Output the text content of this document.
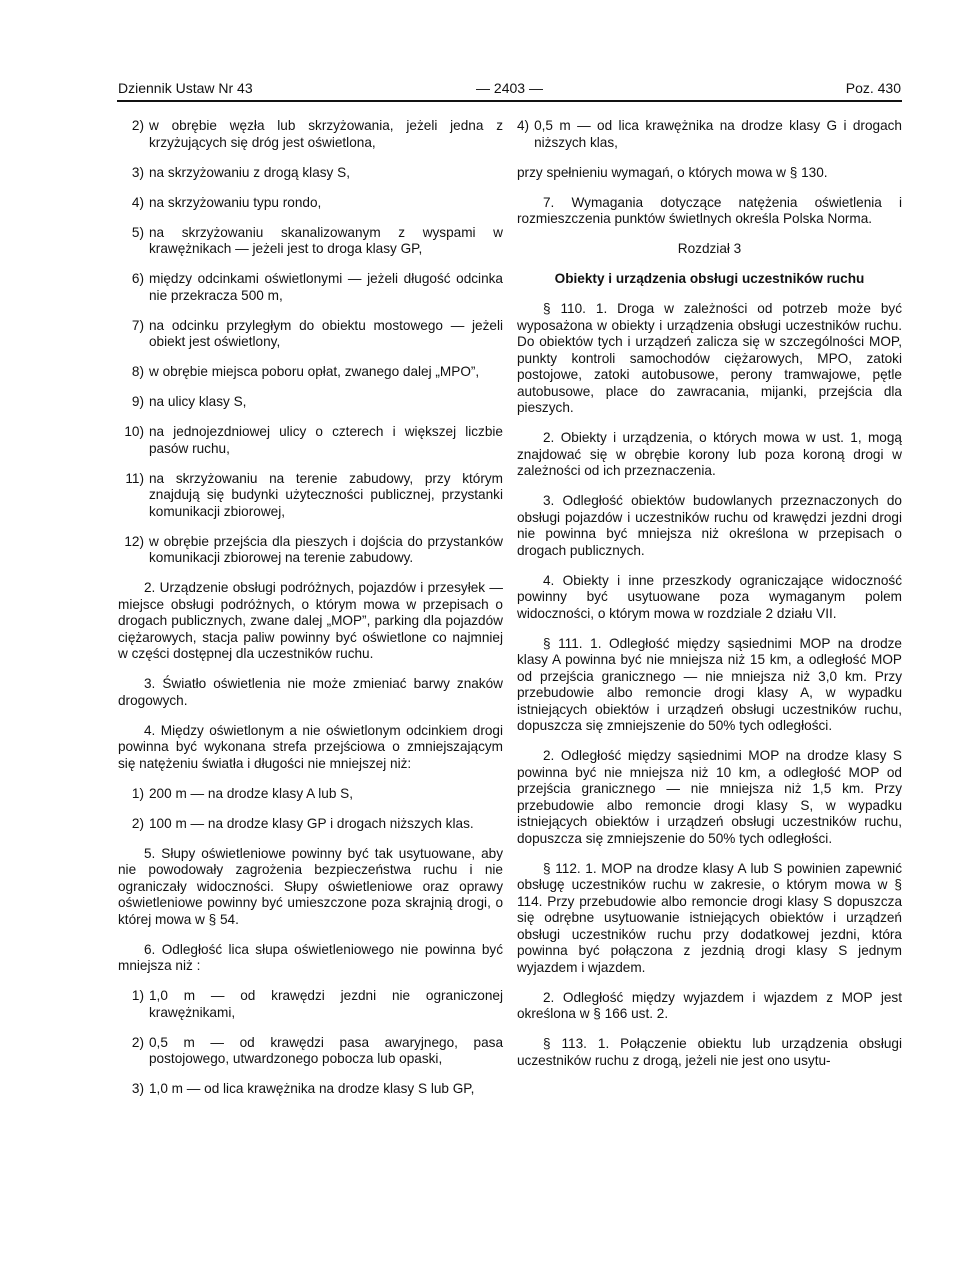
Dziennik Ustaw Nr 43	— 2403 —	Poz. 430
2) w obrębie węzła lub skrzyżowania, jeżeli jedna z krzyżujących się dróg jest oświetlona,
3) na skrzyżowaniu z drogą klasy S,
4) na skrzyżowaniu typu rondo,
5) na skrzyżowaniu skanalizowanym z wyspami w krawężnikach — jeżeli jest to droga klasy GP,
6) między odcinkami oświetlonymi — jeżeli długość odcinka nie przekracza 500 m,
7) na odcinku przyległym do obiektu mostowego — jeżeli obiekt jest oświetlony,
8) w obrębie miejsca poboru opłat, zwanego dalej „MPO”,
9) na ulicy klasy S,
10) na jednojezdniowej ulicy o czterech i większej liczbie pasów ruchu,
11) na skrzyżowaniu na terenie zabudowy, przy którym znajdują się budynki użyteczności publicznej, przystanki komunikacji zbiorowej,
12) w obrębie przejścia dla pieszych i dojścia do przystanków komunikacji zbiorowej na terenie zabudowy.

2. Urządzenie obsługi podróżnych, pojazdów i przesyłek — miejsce obsługi podróżnych, o którym mowa w przepisach o drogach publicznych, zwane dalej „MOP”, parking dla pojazdów ciężarowych, stacja paliw powinny być oświetlone co najmniej w części dostępnej dla uczestników ruchu.

3. Światło oświetlenia nie może zmieniać barwy znaków drogowych.

4. Między oświetlonym a nie oświetlonym odcinkiem drogi powinna być wykonana strefa przejściowa o zmniejszającym się natężeniu światła i długości nie mniejszej niż:

1) 200 m — na drodze klasy A lub S,
2) 100 m — na drodze klasy GP i drogach niższych klas.

5. Słupy oświetleniowe powinny być tak usytuowane, aby nie powodowały zagrożenia bezpieczeństwa ruchu i nie ograniczały widoczności. Słupy oświetleniowe oraz oprawy oświetleniowe powinny być umieszczone poza skrajnią drogi, o której mowa w § 54.

6. Odległość lica słupa oświetleniowego nie powinna być mniejsza niż :

1) 1,0 m — od krawędzi jezdni nie ograniczonej krawężnikami,
2) 0,5 m — od krawędzi pasa awaryjnego, pasa postojowego, utwardzonego pobocza lub opaski,
3) 1,0 m — od lica krawężnika na drodze klasy S lub GP,
4) 0,5 m — od lica krawężnika na drodze klasy G i drogach niższych klas,

przy spełnieniu wymagań, o których mowa w § 130.

7. Wymagania dotyczące natężenia oświetlenia i rozmieszczenia punktów świetlnych określa Polska Norma.

Rozdział 3

Obiekty i urządzenia obsługi uczestników ruchu

§ 110. 1. Droga w zależności od potrzeb może być wyposażona w obiekty i urządzenia obsługi uczestników ruchu. Do obiektów tych i urządzeń zalicza się w szczególności MOP, punkty kontroli samochodów ciężarowych, MPO, zatoki postojowe, zatoki autobusowe, perony tramwajowe, pętle autobusowe, place do zawracania, mijanki, przejścia dla pieszych.

2. Obiekty i urządzenia, o których mowa w ust. 1, mogą znajdować się w obrębie korony lub poza koroną drogi w zależności od ich przeznaczenia.

3. Odległość obiektów budowlanych przeznaczonych do obsługi pojazdów i uczestników ruchu od krawędzi jezdni drogi nie powinna być mniejsza niż określona w przepisach o drogach publicznych.

4. Obiekty i inne przeszkody ograniczające widoczność powinny być usytuowane poza wymaganym polem widoczności, o którym mowa w rozdziale 2 działu VII.

§ 111. 1. Odległość między sąsiednimi MOP na drodze klasy A powinna być nie mniejsza niż 15 km, a odległość MOP od przejścia granicznego — nie mniejsza niż 3,0 km. Przy przebudowie albo remoncie drogi klasy A, w wypadku istniejących obiektów i urządzeń obsługi uczestników ruchu, dopuszcza się zmniejszenie do 50% tych odległości.

2. Odległość między sąsiednimi MOP na drodze klasy S powinna być nie mniejsza niż 10 km, a odległość MOP od przejścia granicznego — nie mniejsza niż 1,5 km. Przy przebudowie albo remoncie drogi klasy S, w wypadku istniejących obiektów i urządzeń obsługi uczestników ruchu, dopuszcza się zmniejszenie do 50% tych odległości.

§ 112. 1. MOP na drodze klasy A lub S powinien zapewnić obsługę uczestników ruchu w zakresie, o którym mowa w § 114. Przy przebudowie albo remoncie drogi klasy S dopuszcza się odrębne usytuowanie istniejących obiektów i urządzeń obsługi uczestników ruchu przy dodatkowej jezdni, która powinna być połączona z jezdnią drogi klasy S jednym wyjazdem i wjazdem.

2. Odległość między wyjazdem i wjazdem z MOP jest określona w § 166 ust. 2.

§ 113. 1. Połączenie obiektu lub urządzenia obsługi uczestników ruchu z drogą, jeżeli nie jest ono usytu-
